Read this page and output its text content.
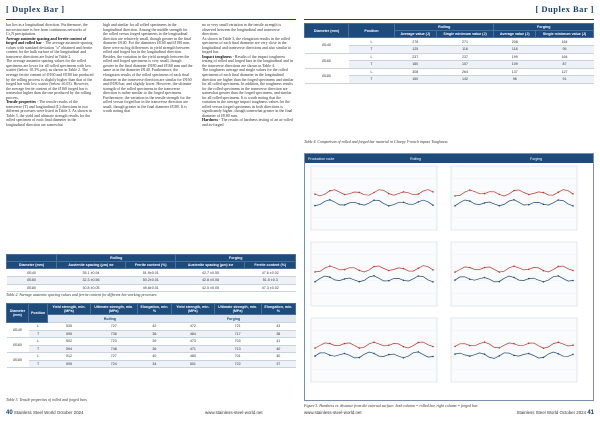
[ Duplex Bar ]

bar lies in a longitudinal direction. Furthermore, the microstructure is free from continuous networks of Cr₂N precipitation.

Average austenite spacing and ferrite content of forged and rolled bar - The average austenite spacing values with standard deviation "σ" obtained and ferrite content for the bulk surface of the longitudinal and transverse directions are listed in Table 2.

The average austenite spacing values for the rolled specimens are lower for all rolled specimens with low scatter (below 10.3% μm), as shown in Table 2. The average ferrite content of Ø160 and Ø180 bar produced by the rolling process is slightly higher than that of the forged bar with low scatter (below ±0.03). However, the average ferrite content of the Ø160 forged bar is somewhat higher than the one produced by the rolling process.

Tensile properties - The tensile results of the transverse (T) and longitudinal (L) directions in two different processes were listed in Table 3. As shown in Table 3, the yield and ultimate strength results for the rolled specimen of each final diameter in the longitudinal direction are somewhat

high and similar for all rolled specimens in the longitudinal direction. Among the middle strength for the rolled versus forged specimens in the longitudinal direction are relatively small, though greater in the final diameter Ø140. For the diameters Ø160 and Ø180 mm, there were no big differences in yield strength between rolled and forged bar in the longitudinal direction. Besides, the variation in the yield strength between the rolled and forged specimens is very small, though greater in the final diameter Ø180 and Ø160 mm and the same as in the diameter Ø140. Furthermore, the elongation results of the rolled specimens of each final diameter in the transverse direction are similar for Ø160 and Ø180 bar, and slightly lower. However, the ultimate strength of the rolled specimens in the transverse direction is rather similar to the forged specimens. Furthermore, the variation in the tensile strength for the rolled versus forged bar in the transverse direction are small, though greater in the final diameter Ø180. It is worth noting that

no or very small variation in the tensile strength is observed between the longitudinal and transverse directions.

As shown in Table 3, the elongation results in the rolled specimens of each final diameter are very close in the longitudinal and transverse directions and also similar to forged bar.

Impact toughness - Results of the impact toughness testing of rolled and forged bars in the longitudinal and in the transverse directions are shown in Table 4.

The toughness average and single values for the rolled specimens of each final diameter in the longitudinal direction are higher than the forged specimens and similar for all rolled specimens. In addition, the toughness results for the rolled specimens in the transverse direction are somewhat greater than the forged specimens, and similar for all rolled specimens. It is worth noting that the variation in the average impact toughness values for the rolled versus forged specimens in both directions is significantly higher, though somewhat greater in the final diameter of Ø180 mm.

Hardness - The results of hardness testing of an as-rolled and as-forged

	Rolling		Forging	
Diameter (mm)	Austenite spacing (μm) ±σ	Ferrite content (%)	Austenite spacing (μm) ±σ	Ferrite content (%)
Ø140	35.1 ±0.94	51.9±0.01	42.7 ±0.55	47.6 ±0.02
Ø160	32.3 ±0.56	50.2±0.01	42.8 ±0.08	51.5 ±0.3
Ø180	30.8 ±0.05	49.8±0.01	42.5 ±0.05	47.3 ±0.02
Table 2. Average austenite spacing values and ferrite content for different hot-working processes
Diameter (mm)	Position	Yield strength, min. (MPa)	Ultimate strength, min. (MPa)	Elongation, min. %	Yield strength, min. (MPa)	Ultimate strength, min. (MPa)	Elongation, min. %
		Rolling			Forging		
Ø140	L	535	727	42	472	721	43
	T	595	736	36	484	717	38
Ø160	L	502	723	39	473	703	41
	T	594	748	36	471	713	40
Ø180	L	512	727	40	485	701	40
	T	595	724	34	501	722	37
Table 3. Tensile properties of rolled and forged bars
40 Stainless Steel World October 2024	www.stainless-steel-world.net
[ Duplex Bar ]
Diameter (mm)	Position	Rolling		Forging	
		Average value (J)	Single minimum value (J)	Average value (J)	Single minimum value (J)
Ø140	L	276	271	208	164
	T	125	116	118	95
Ø160	L	237	237	199	164
	T	160	107	109	87
Ø180	L	308	264	137	127
	T	160	142	96	91
Table 4. Comparison of rolled and forged bar material in Charpy V-notch impact Toughness
Production route	Rolling	Forging
Figure 5. Hardness vs. distance from the external surface: both column = rolled bar, right column = forged bar.
www.stainless-steel-world.net	Stainless Steel World October 2024 41
